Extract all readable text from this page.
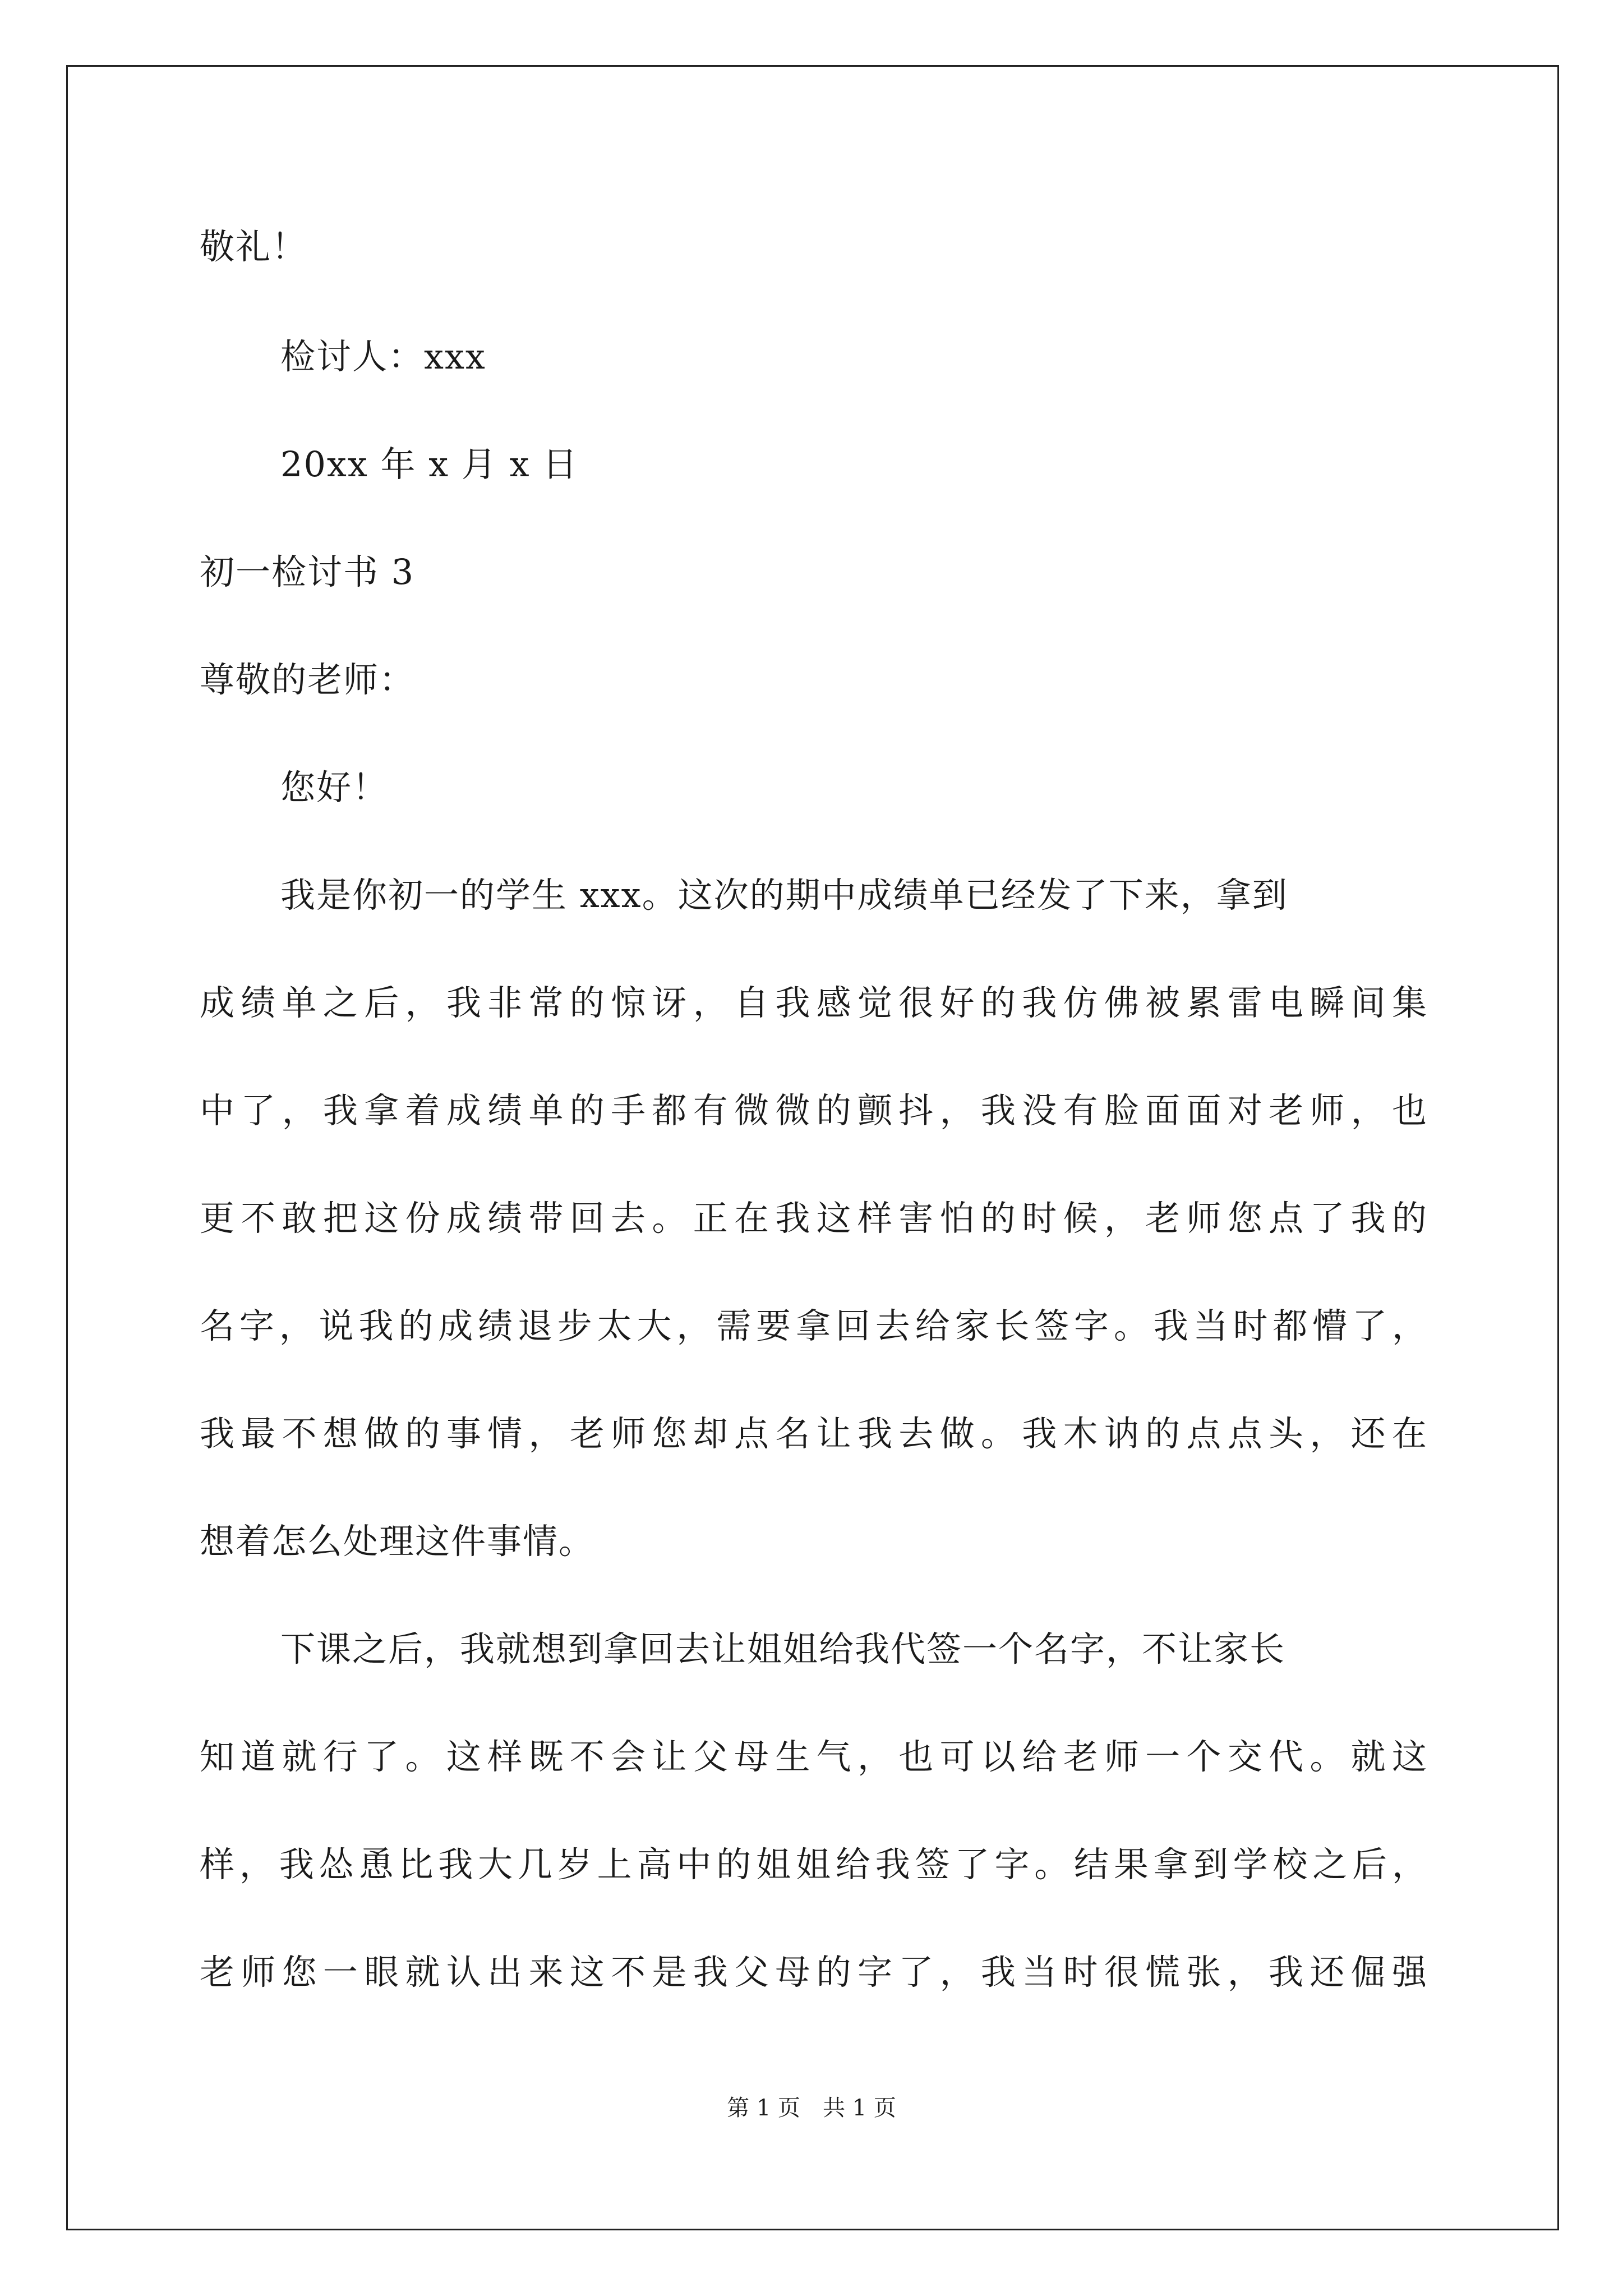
敬礼！

检讨人：xxx

20xx 年 x 月 x 日

初一检讨书 3

尊敬的老师：

您好！

我是你初一的学生 xxx。这次的期中成绩单已经发了下来，拿到

成绩单之后，我非常的惊讶，自我感觉很好的我仿佛被累雷电瞬间集

中了，我拿着成绩单的手都有微微的颤抖，我没有脸面面对老师，也

更不敢把这份成绩带回去。正在我这样害怕的时候，老师您点了我的

名字，说我的成绩退步太大，需要拿回去给家长签字。我当时都懵了，

我最不想做的事情，老师您却点名让我去做。我木讷的点点头，还在

想着怎么处理这件事情。

下课之后，我就想到拿回去让姐姐给我代签一个名字，不让家长

知道就行了。这样既不会让父母生气，也可以给老师一个交代。就这

样，我怂恿比我大几岁上高中的姐姐给我签了字。结果拿到学校之后，

老师您一眼就认出来这不是我父母的字了，我当时很慌张，我还倔强

第 1 页　共 1 页
